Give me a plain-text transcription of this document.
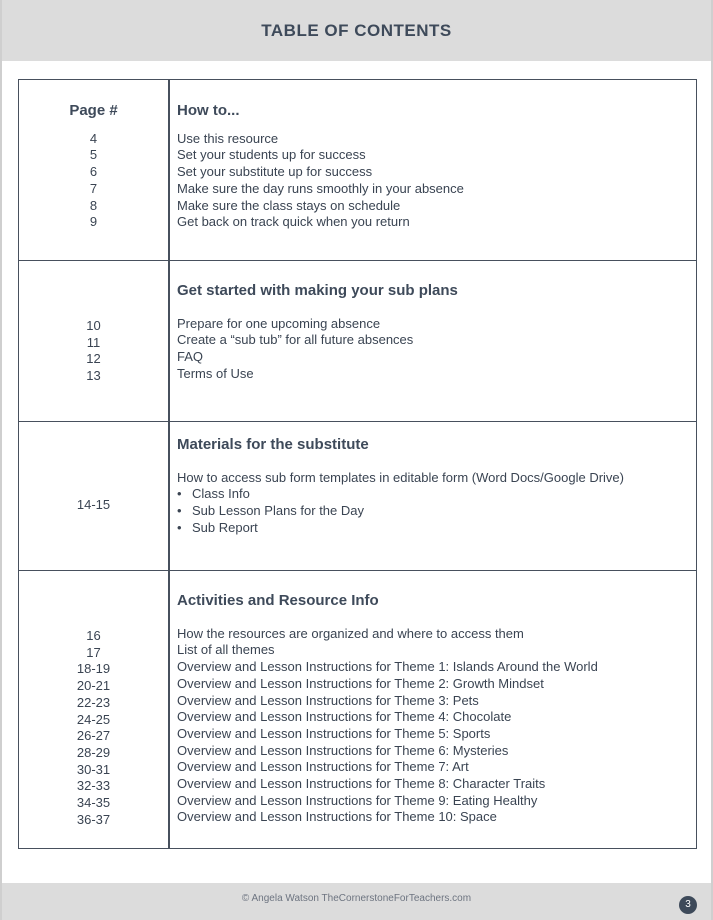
TABLE OF CONTENTS
Page #
4
5
6
7
8
9
How to...
Use this resource
Set your students up for success
Set your substitute up for success
Make sure the day runs smoothly in your absence
Make sure the class stays on schedule
Get back on track quick when you return
10
11
12
13
Get started with making your sub plans
Prepare for one upcoming absence
Create a “sub tub” for all future absences
FAQ
Terms of Use
14-15
Materials for the substitute
How to access sub form templates in editable form (Word Docs/Google Drive)
• Class Info
• Sub Lesson Plans for the Day
• Sub Report
16
17
18-19
20-21
22-23
24-25
26-27
28-29
30-31
32-33
34-35
36-37
Activities and Resource Info
How the resources are organized and where to access them
List of all themes
Overview and Lesson Instructions for Theme 1: Islands Around the World
Overview and Lesson Instructions for Theme 2: Growth Mindset
Overview and Lesson Instructions for Theme 3: Pets
Overview and Lesson Instructions for Theme 4: Chocolate
Overview and Lesson Instructions for Theme 5: Sports
Overview and Lesson Instructions for Theme 6: Mysteries
Overview and Lesson Instructions for Theme 7: Art
Overview and Lesson Instructions for Theme 8: Character Traits
Overview and Lesson Instructions for Theme 9: Eating Healthy
Overview and Lesson Instructions for Theme 10: Space
© Angela Watson TheCornerstoneForTeachers.com
3
